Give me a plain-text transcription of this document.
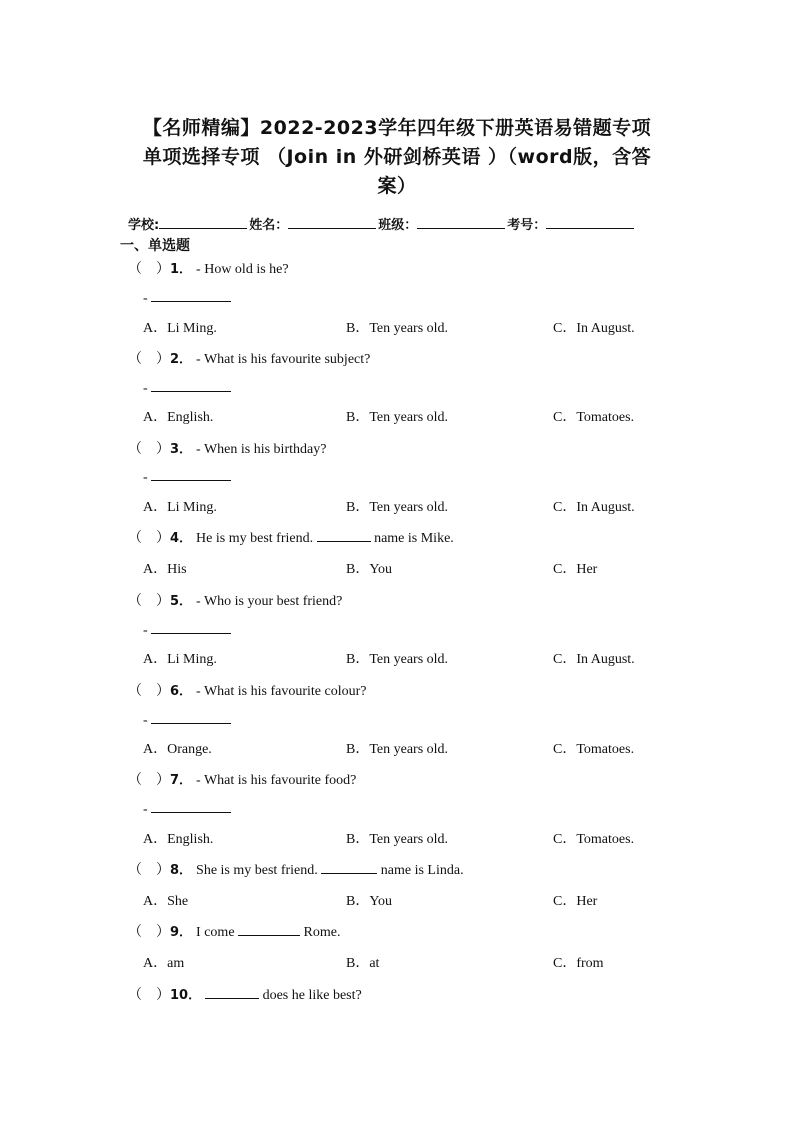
【名师精编】2022-2023学年四年级下册英语易错题专项
单项选择专项 （Join in 外研剑桥英语 ）（word版，含答
案）
学校:	姓名：	班级：	考号：
一、单选题
（　）1． - How old is he?
-
A．Li Ming.	B．Ten years old.	C．In August.
（　）2． - What is his favourite subject?
-
A．English.	B．Ten years old.	C．Tomatoes.
（　）3． - When is his birthday?
-
A．Li Ming.	B．Ten years old.	C．In August.
（　）4． He is my best friend.	name is Mike.
A．His	B．You	C．Her
（　）5． - Who is your best friend?
-
A．Li Ming.	B．Ten years old.	C．In August.
（　）6． - What is his favourite colour?
-
A．Orange.	B．Ten years old.	C．Tomatoes.
（　）7． - What is his favourite food?
-
A．English.	B．Ten years old.	C．Tomatoes.
（　）8． She is my best friend.	name is Linda.
A．She	B．You	C．Her
（　）9． I come	Rome.
A．am	B．at	C．from
（　）10．	does he like best?
